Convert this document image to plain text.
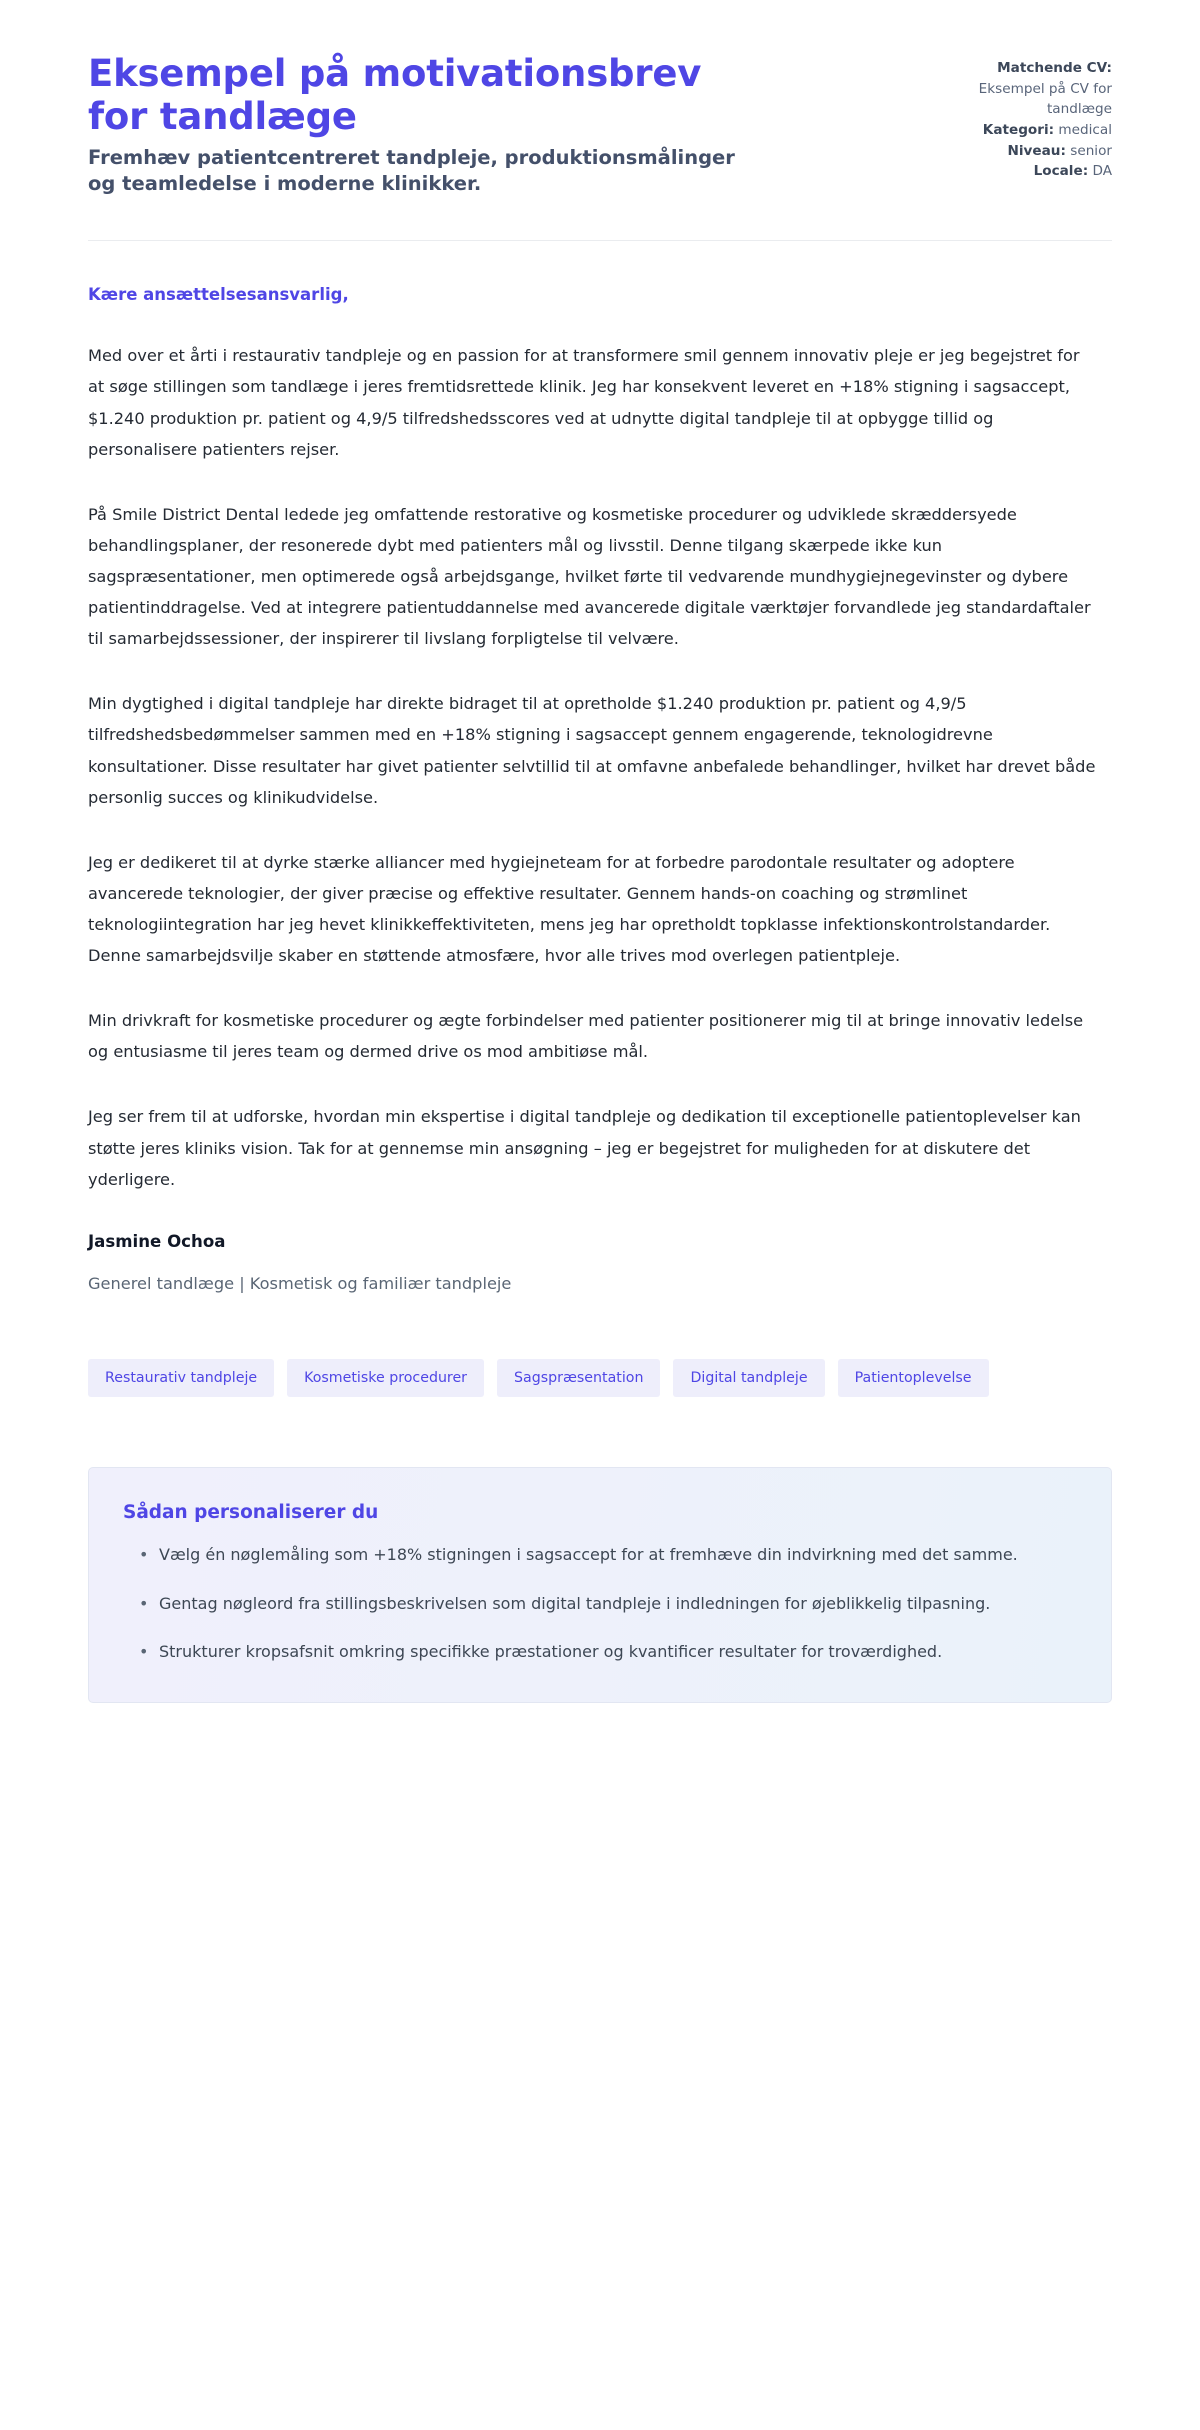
Eksempel på motivationsbrev for tandlæge

Fremhæv patientcentreret tandpleje, produktionsmålinger og teamledelse i moderne klinikker.

Matchende CV:
Eksempel på CV for tandlæge
Kategori: medical
Niveau: senior
Locale: DA

Kære ansættelsesansvarlig,

Med over et årti i restaurativ tandpleje og en passion for at transformere smil gennem innovativ pleje er jeg begejstret for at søge stillingen som tandlæge i jeres fremtidsrettede klinik. Jeg har konsekvent leveret en +18% stigning i sagsaccept, $1.240 produktion pr. patient og 4,9/5 tilfredshedsscores ved at udnytte digital tandpleje til at opbygge tillid og personalisere patienters rejser.

På Smile District Dental ledede jeg omfattende restorative og kosmetiske procedurer og udviklede skræddersyede behandlingsplaner, der resonerede dybt med patienters mål og livsstil. Denne tilgang skærpede ikke kun sagspræsentationer, men optimerede også arbejdsgange, hvilket førte til vedvarende mundhygiejnegevinster og dybere patientinddragelse. Ved at integrere patientuddannelse med avancerede digitale værktøjer forvandlede jeg standardaftaler til samarbejdssessioner, der inspirerer til livslang forpligtelse til velvære.

Min dygtighed i digital tandpleje har direkte bidraget til at opretholde $1.240 produktion pr. patient og 4,9/5 tilfredshedsbedømmelser sammen med en +18% stigning i sagsaccept gennem engagerende, teknologidrevne konsultationer. Disse resultater har givet patienter selvtillid til at omfavne anbefalede behandlinger, hvilket har drevet både personlig succes og klinikudvidelse.

Jeg er dedikeret til at dyrke stærke alliancer med hygiejneteam for at forbedre parodontale resultater og adoptere avancerede teknologier, der giver præcise og effektive resultater. Gennem hands-on coaching og strømlinet teknologiintegration har jeg hevet klinikkeffektiviteten, mens jeg har opretholdt topklasse infektionskontrolstandarder. Denne samarbejdsvilje skaber en støttende atmosfære, hvor alle trives mod overlegen patientpleje.

Min drivkraft for kosmetiske procedurer og ægte forbindelser med patienter positionerer mig til at bringe innovativ ledelse og entusiasme til jeres team og dermed drive os mod ambitiøse mål.

Jeg ser frem til at udforske, hvordan min ekspertise i digital tandpleje og dedikation til exceptionelle patientoplevelser kan støtte jeres kliniks vision. Tak for at gennemse min ansøgning – jeg er begejstret for muligheden for at diskutere det yderligere.

Jasmine Ochoa

Generel tandlæge | Kosmetisk og familiær tandpleje

Restaurativ tandpleje	Kosmetiske procedurer	Sagspræsentation	Digital tandpleje	Patientoplevelse
Sådan personaliserer du
• Vælg én nøglemåling som +18% stigningen i sagsaccept for at fremhæve din indvirkning med det samme.
• Gentag nøgleord fra stillingsbeskrivelsen som digital tandpleje i indledningen for øjeblikkelig tilpasning.
• Strukturer kropsafsnit omkring specifikke præstationer og kvantificer resultater for troværdighed.
